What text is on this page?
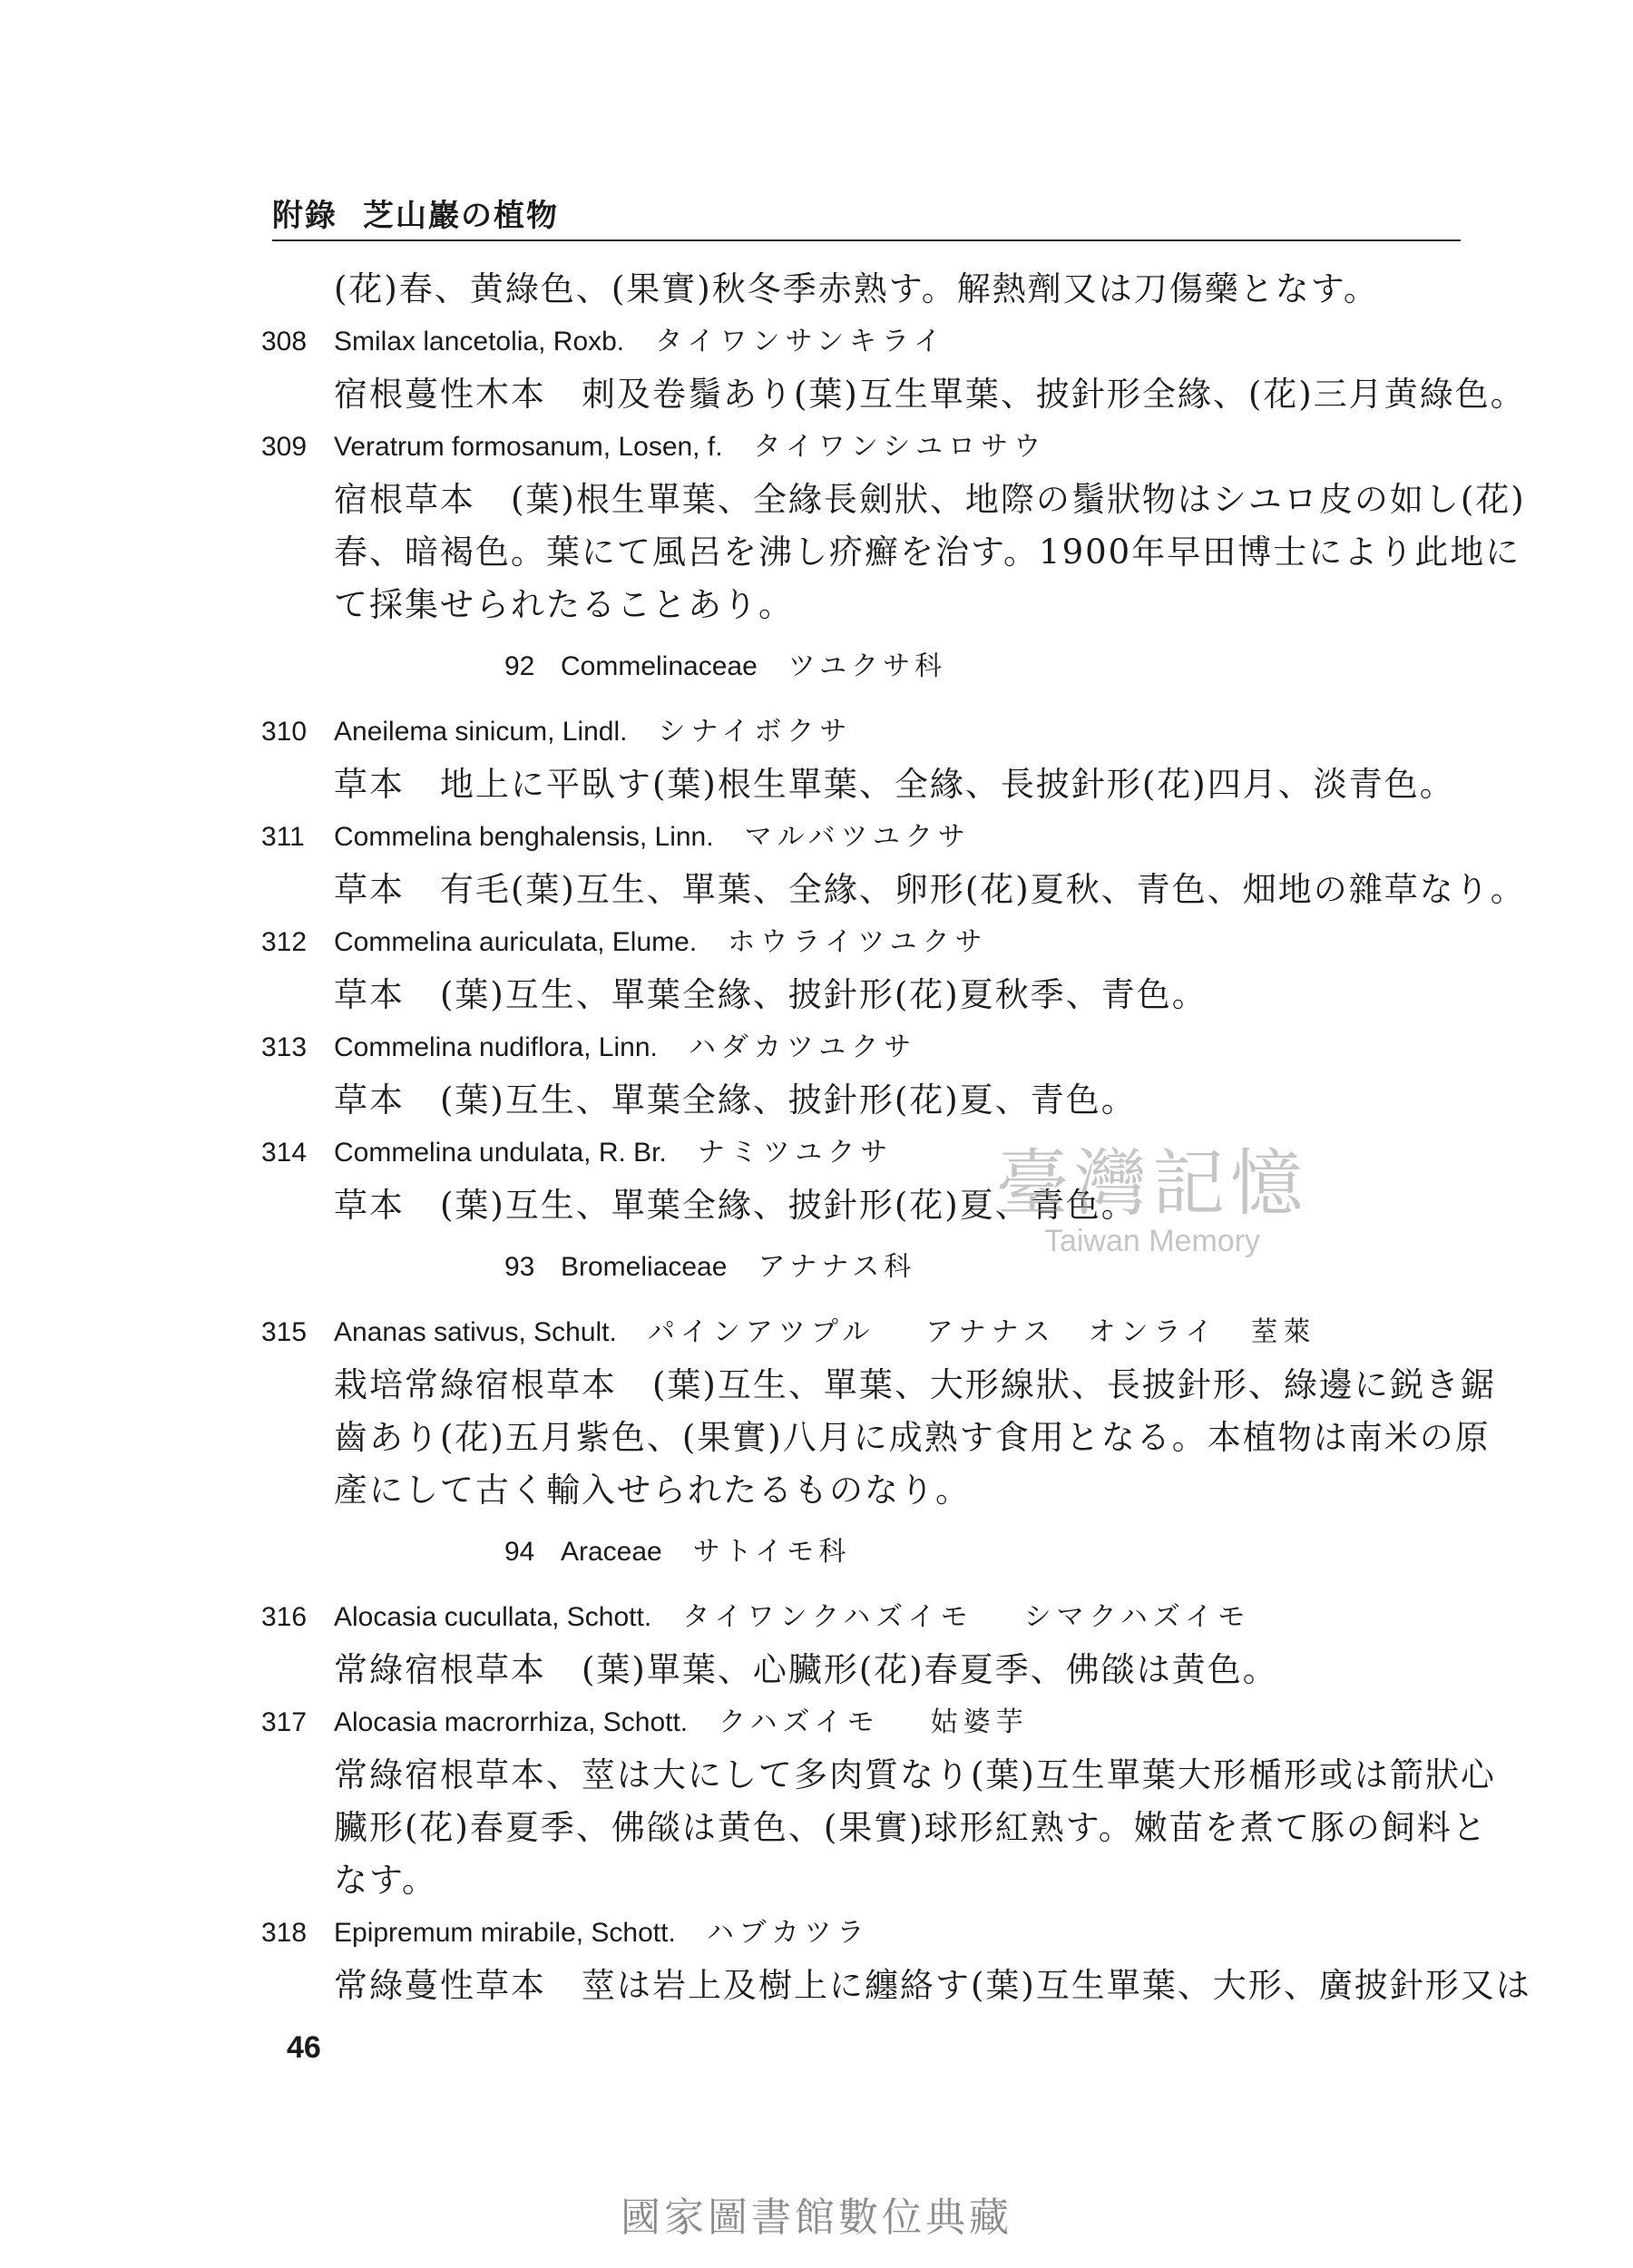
附錄 芝山巖の植物

(花)春、黄綠色、(果實)秋冬季赤熟す。解熱劑又は刀傷藥となす。

308 Smilax lancetolia, Roxb. タイワンサンキライ

宿根蔓性木本　刺及卷鬚あり(葉)互生單葉、披針形全緣、(花)三月黄綠色。

309 Veratrum formosanum, Losen, f. タイワンシユロサウ

宿根草本　(葉)根生單葉、全緣長劍狀、地際の鬚狀物はシユロ皮の如し(花)

春、暗褐色。葉にて風呂を沸し疥癬を治す。1900年早田博士により此地に

て採集せられたることあり。

92 Commelinaceae ツユクサ科

310 Aneilema sinicum, Lindl. シナイボクサ

草本　地上に平臥す(葉)根生單葉、全緣、長披針形(花)四月、淡青色。

311 Commelina benghalensis, Linn. マルバツユクサ

草本　有毛(葉)互生、單葉、全緣、卵形(花)夏秋、青色、畑地の雜草なり。

312 Commelina auriculata, Elume. ホウライツユクサ

草本　(葉)互生、單葉全緣、披針形(花)夏秋季、青色。

313 Commelina nudiflora, Linn. ハダカツユクサ

草本　(葉)互生、單葉全緣、披針形(花)夏、青色。

314 Commelina undulata, R. Br. ナミツユクサ

草本　(葉)互生、單葉全緣、披針形(花)夏、青色。

93 Bromeliaceae アナナス科

315 Ananas sativus, Schult. パインアツプル アナナス　オンライ　荎萊

栽培常綠宿根草本　(葉)互生、單葉、大形線狀、長披針形、綠邊に鋭き鋸

齒あり(花)五月紫色、(果實)八月に成熟す食用となる。本植物は南米の原

產にして古く輸入せられたるものなり。

94 Araceae サトイモ科

316 Alocasia cucullata, Schott. タイワンクハズイモ シマクハズイモ

常綠宿根草本　(葉)單葉、心臟形(花)春夏季、佛燄は黄色。

317 Alocasia macrorrhiza, Schott. クハズイモ 姑婆芋

常綠宿根草本、莖は大にして多肉質なり(葉)互生單葉大形楯形或は箭狀心

臟形(花)春夏季、佛燄は黄色、(果實)球形紅熟す。嫩苗を煮て豚の飼料と

なす。

318 Epipremum mirabile, Schott. ハブカツラ

常綠蔓性草本　莖は岩上及樹上に纏絡す(葉)互生單葉、大形、廣披針形又は

46
臺灣記憶
Taiwan Memory
國家圖書館數位典藏
